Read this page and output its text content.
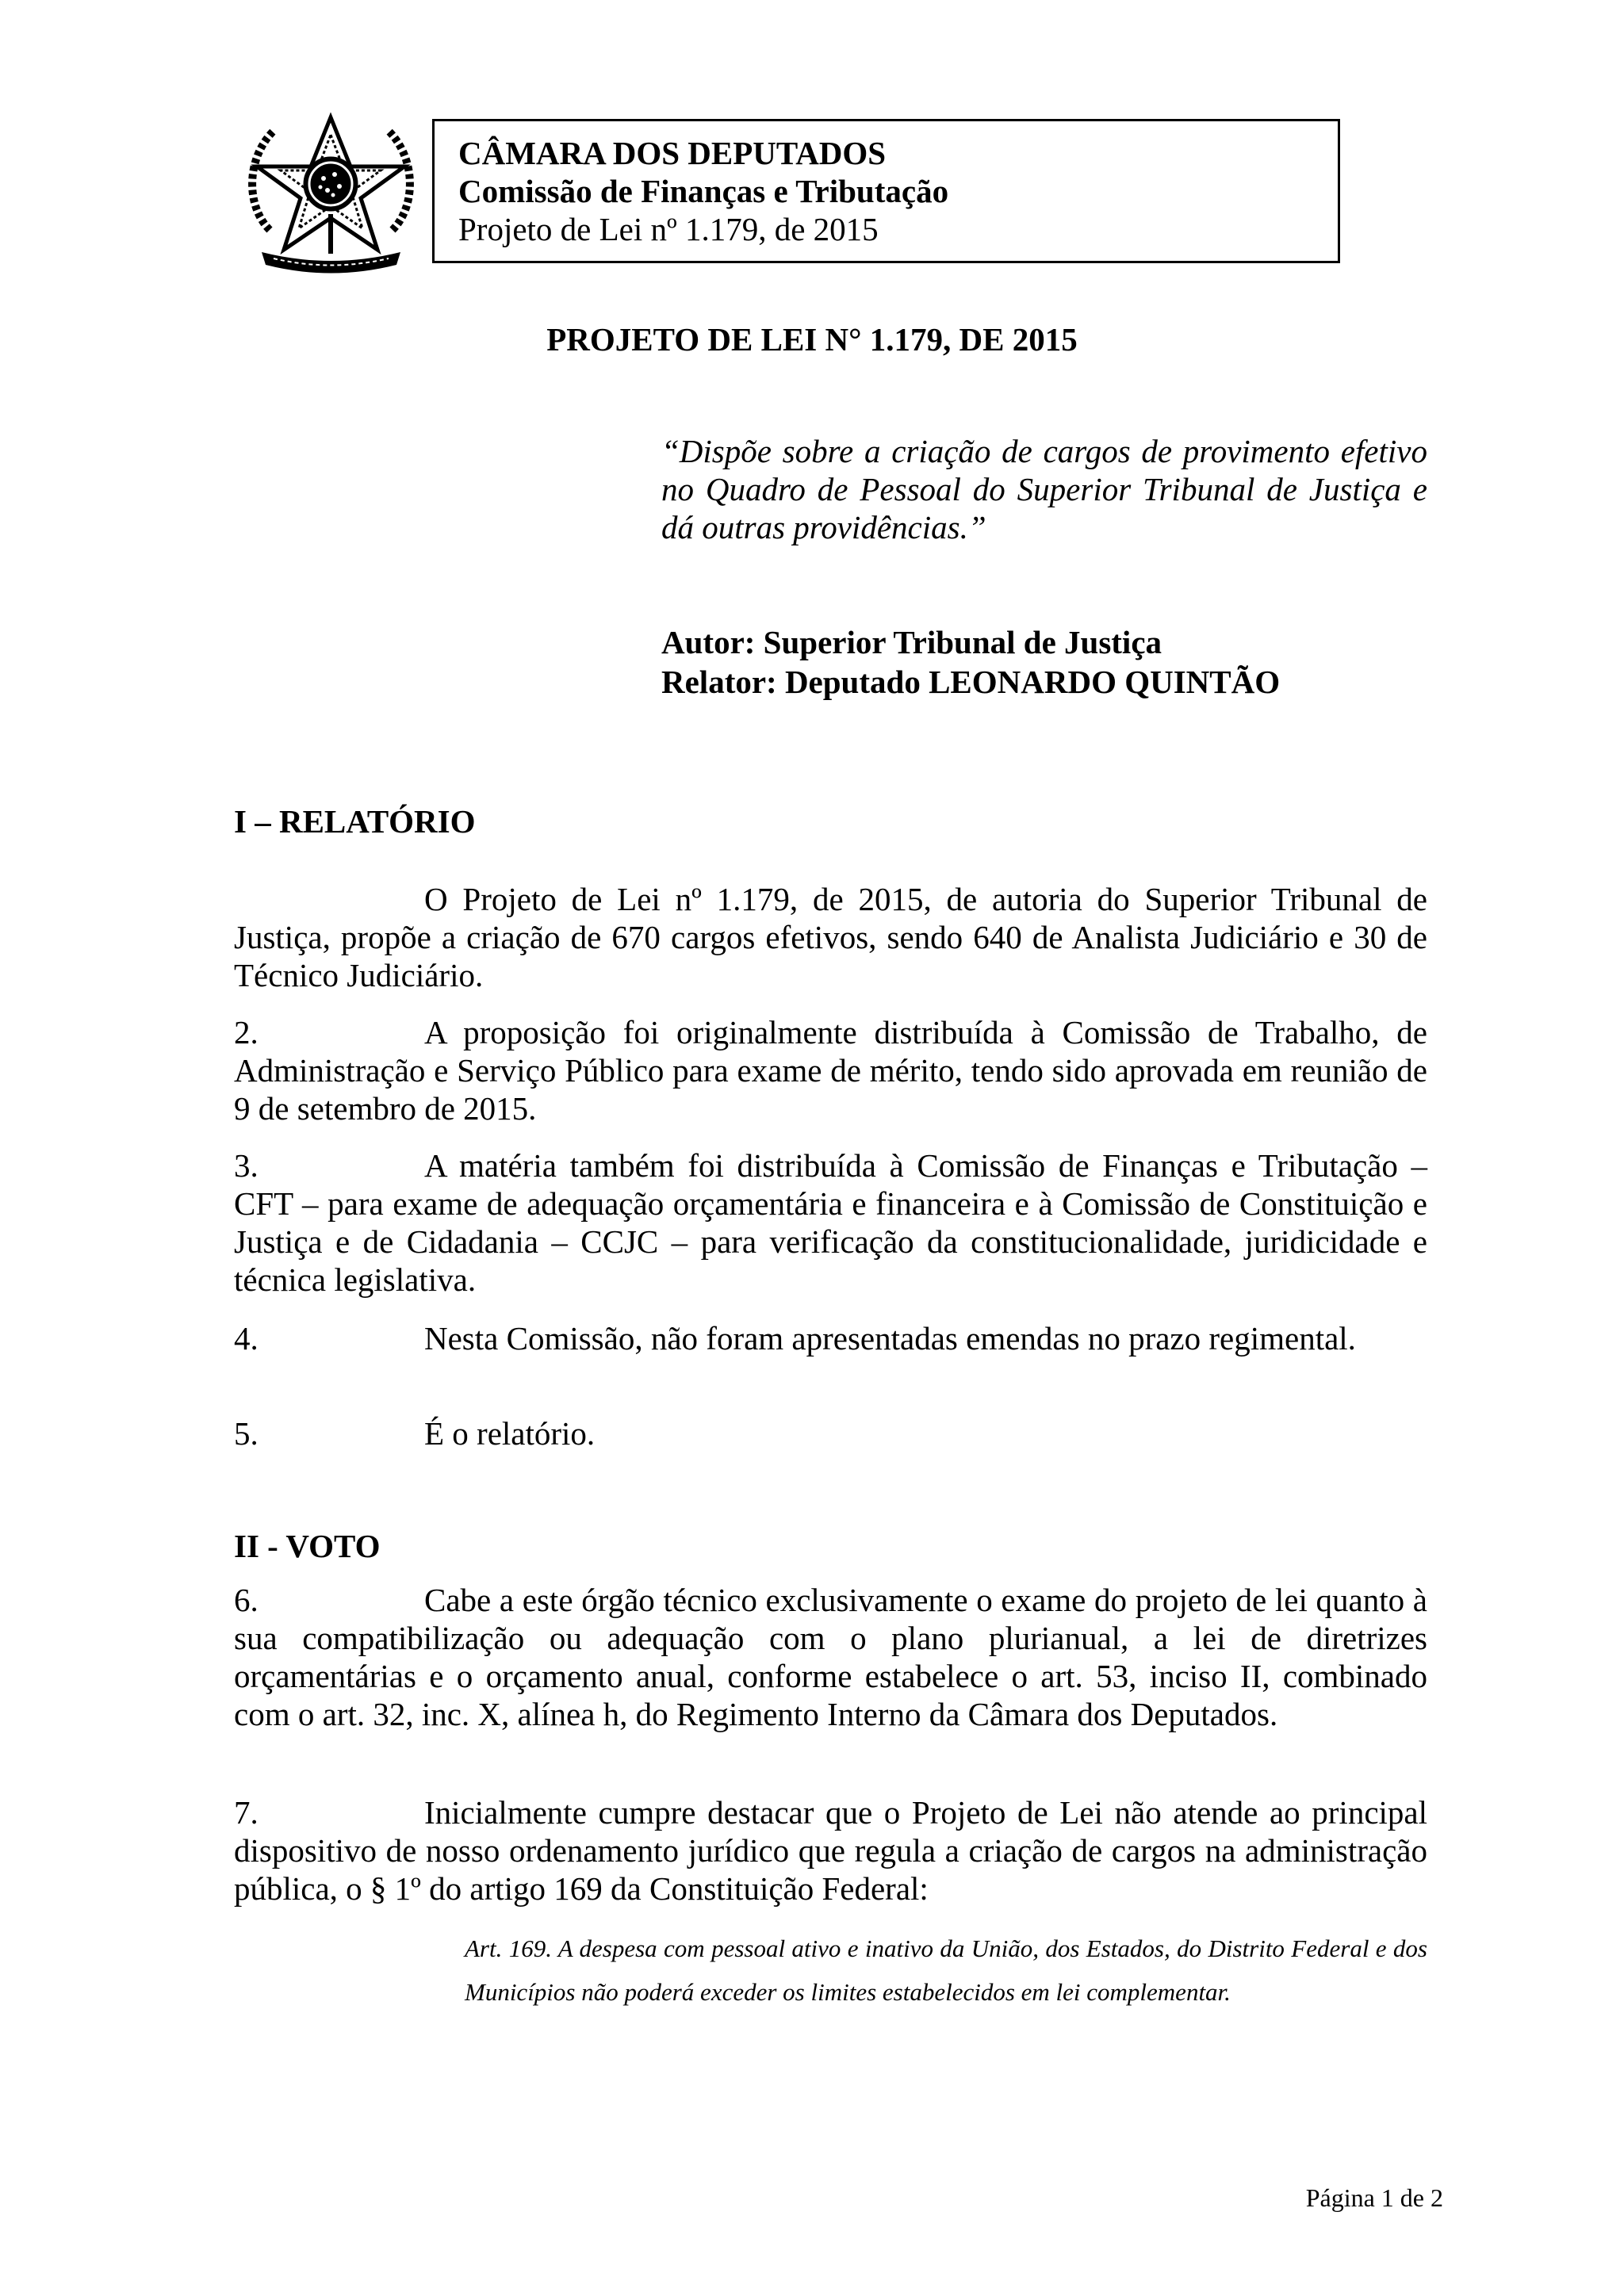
CÂMARA DOS DEPUTADOS
Comissão de Finanças e Tributação
Projeto de Lei nº 1.179, de 2015
PROJETO DE LEI N° 1.179, DE 2015
“Dispõe sobre a criação de cargos de provimento efetivo no Quadro de Pessoal do Superior Tribunal de Justiça e dá outras providências.”
Autor: Superior Tribunal de Justiça
Relator: Deputado LEONARDO QUINTÃO
I – RELATÓRIO
O Projeto de Lei nº 1.179, de 2015, de autoria do Superior Tribunal de Justiça, propõe a criação de 670 cargos efetivos, sendo 640 de Analista Judiciário e 30 de Técnico Judiciário.
2.	A proposição foi originalmente distribuída à Comissão de Trabalho, de Administração e Serviço Público para exame de mérito, tendo sido aprovada em reunião de 9 de setembro de 2015.
3.	A matéria também foi distribuída à Comissão de Finanças e Tributação – CFT – para exame de adequação orçamentária e financeira e à Comissão de Constituição e Justiça e de Cidadania – CCJC – para verificação da constitucionalidade, juridicidade e técnica legislativa.
4.	Nesta Comissão, não foram apresentadas emendas no prazo regimental.
5.	É o relatório.
II - VOTO
6.	Cabe a este órgão técnico exclusivamente o exame do projeto de lei quanto à sua compatibilização ou adequação com o plano plurianual, a lei de diretrizes orçamentárias e o orçamento anual, conforme estabelece o art. 53, inciso II, combinado com o art. 32, inc. X, alínea h, do Regimento Interno da Câmara dos Deputados.
7.	Inicialmente cumpre destacar que o Projeto de Lei não atende ao principal dispositivo de nosso ordenamento jurídico que regula a criação de cargos na administração pública, o § 1º do artigo 169 da Constituição Federal:
Art. 169. A despesa com pessoal ativo e inativo da União, dos Estados, do Distrito Federal e dos Municípios não poderá exceder os limites estabelecidos em lei complementar.
Página 1 de 2
